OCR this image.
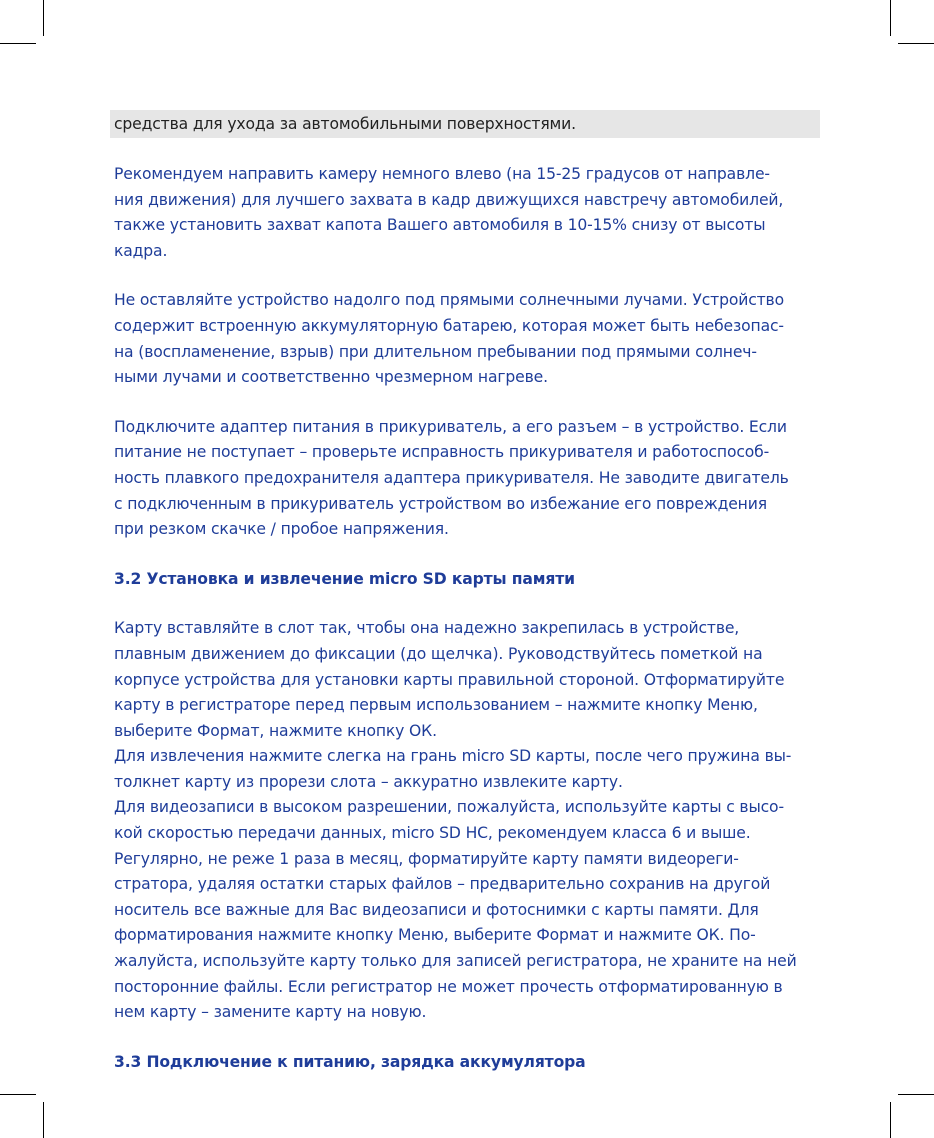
средства для ухода за автомобильными поверхностями.
Рекомендуем направить камеру немного влево (на 15-25 градусов от направле-
ния движения) для лучшего захвата в кадр движущихся навстречу автомобилей,
также установить захват капота Вашего автомобиля в 10-15% снизу от высоты
кадра.
Не оставляйте устройство надолго под прямыми солнечными лучами. Устройство
содержит встроенную аккумуляторную батарею, которая может быть небезопас-
на (воспламенение, взрыв) при длительном пребывании под прямыми солнеч-
ными лучами и соответственно чрезмерном нагреве.
Подключите адаптер питания в прикуриватель, а его разъем – в устройство. Если
питание не поступает – проверьте исправность прикуривателя и работоспособ-
ность плавкого предохранителя адаптера прикуривателя. Не заводите двигатель
с подключенным в прикуриватель устройством во избежание его повреждения
при резком скачке / пробое напряжения.
3.2 Установка и извлечение micro SD карты памяти
Карту вставляйте в слот так, чтобы она надежно закрепилась в устройстве,
плавным движением до фиксации (до щелчка). Руководствуйтесь пометкой на
корпусе устройства для установки карты правильной стороной. Отформатируйте
карту в регистраторе перед первым использованием – нажмите кнопку Меню,
выберите Формат, нажмите кнопку ОК.
Для извлечения нажмите слегка на грань micro SD карты, после чего пружина вы-
толкнет карту из прорези слота – аккуратно извлеките карту.
Для видеозаписи в высоком разрешении, пожалуйста, используйте карты с высо-
кой скоростью передачи данных, micro SD HC, рекомендуем класса 6 и выше.
Регулярно, не реже 1 раза в месяц, форматируйте карту памяти видеореги-
стратора, удаляя остатки старых файлов – предварительно сохранив на другой
носитель все важные для Вас видеозаписи и фотоснимки с карты памяти. Для
форматирования нажмите кнопку Меню, выберите Формат и нажмите ОК. По-
жалуйста, используйте карту только для записей регистратора, не храните на ней
посторонние файлы. Если регистратор не может прочесть отформатированную в
нем карту – замените карту на новую.
3.3 Подключение к питанию, зарядка аккумулятора
